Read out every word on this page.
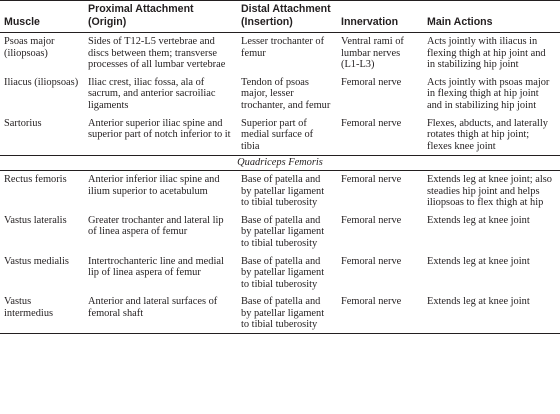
Muscle	Proximal Attachment (Origin)	Distal Attachment (Insertion)	Innervation	Main Actions
Psoas major (iliopsoas)	Sides of T12-L5 vertebrae and discs between them; transverse processes of all lumbar vertebrae	Lesser trochanter of femur	Ventral rami of lumbar nerves (L1-L3)	Acts jointly with iliacus in flexing thigh at hip joint and in stabilizing hip joint
Iliacus (iliopsoas)	Iliac crest, iliac fossa, ala of sacrum, and anterior sacroiliac ligaments	Tendon of psoas major, lesser trochanter, and femur	Femoral nerve	Acts jointly with psoas major in flexing thigh at hip joint and in stabilizing hip joint
Sartorius	Anterior superior iliac spine and superior part of notch inferior to it	Superior part of medial surface of tibia	Femoral nerve	Flexes, abducts, and laterally rotates thigh at hip joint; flexes knee joint
Quadriceps Femoris				
Rectus femoris	Anterior inferior iliac spine and ilium superior to acetabulum	Base of patella and by patellar ligament to tibial tuberosity	Femoral nerve	Extends leg at knee joint; also steadies hip joint and helps iliopsoas to flex thigh at hip
Vastus lateralis	Greater trochanter and lateral lip of linea aspera of femur	Base of patella and by patellar ligament to tibial tuberosity	Femoral nerve	Extends leg at knee joint
Vastus medialis	Intertrochanteric line and medial lip of linea aspera of femur	Base of patella and by patellar ligament to tibial tuberosity	Femoral nerve	Extends leg at knee joint
Vastus intermedius	Anterior and lateral surfaces of femoral shaft	Base of patella and by patellar ligament to tibial tuberosity	Femoral nerve	Extends leg at knee joint
